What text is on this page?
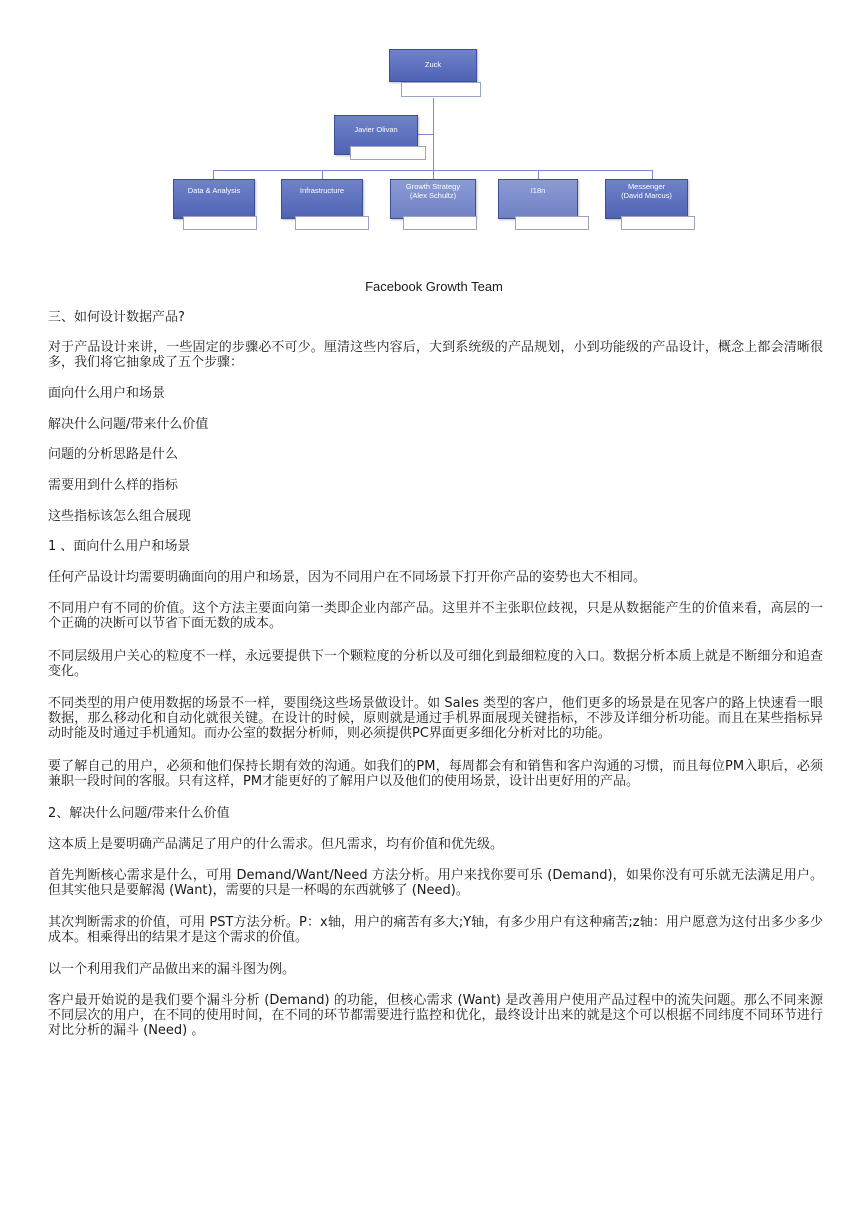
Zuck
Javier Olivan
Data & Analysis	Infrastructure	Growth Strategy
(Alex Schultz)
I18n	Messenger
(David Marcus)
Facebook Growth Team

三、如何设计数据产品?

对于产品设计来讲，一些固定的步骤必不可少。厘清这些内容后，大到系统级的产品规划，小到功能级的产品设计，概念上都会清晰很多，我们将它抽象成了五个步骤：

面向什么用户和场景

解决什么问题/带来什么价值

问题的分析思路是什么

需要用到什么样的指标

这些指标该怎么组合展现

1 、面向什么用户和场景

任何产品设计均需要明确面向的用户和场景，因为不同用户在不同场景下打开你产品的姿势也大不相同。

不同用户有不同的价值。这个方法主要面向第一类即企业内部产品。这里并不主张职位歧视，只是从数据能产生的价值来看，高层的一个正确的决断可以节省下面无数的成本。

不同层级用户关心的粒度不一样，永远要提供下一个颗粒度的分析以及可细化到最细粒度的入口。数据分析本质上就是不断细分和追查变化。

不同类型的用户使用数据的场景不一样，要围绕这些场景做设计。如 Sales 类型的客户，他们更多的场景是在见客户的路上快速看一眼数据，那么移动化和自动化就很关键。在设计的时候，原则就是通过手机界面展现关键指标，不涉及详细分析功能。而且在某些指标异动时能及时通过手机通知。而办公室的数据分析师，则必须提供PC界面更多细化分析对比的功能。

要了解自己的用户，必须和他们保持长期有效的沟通。如我们的PM，每周都会有和销售和客户沟通的习惯，而且每位PM入职后，必须兼职一段时间的客服。只有这样，PM才能更好的了解用户以及他们的使用场景，设计出更好用的产品。

2、解决什么问题/带来什么价值

这本质上是要明确产品满足了用户的什么需求。但凡需求，均有价值和优先级。

首先判断核心需求是什么，可用 Demand/Want/Need 方法分析。用户来找你要可乐 (Demand)，如果你没有可乐就无法满足用户。但其实他只是要解渴 (Want)，需要的只是一杯喝的东西就够了 (Need)。

其次判断需求的价值，可用 PST方法分析。P：x轴，用户的痛苦有多大;Y轴，有多少用户有这种痛苦;z轴：用户愿意为这付出多少多少成本。相乘得出的结果才是这个需求的价值。

以一个利用我们产品做出来的漏斗图为例。

客户最开始说的是我们要个漏斗分析 (Demand) 的功能，但核心需求 (Want) 是改善用户使用产品过程中的流失问题。那么不同来源不同层次的用户，在不同的使用时间，在不同的环节都需要进行监控和优化，最终设计出来的就是这个可以根据不同纬度不同环节进行对比分析的漏斗 (Need) 。
